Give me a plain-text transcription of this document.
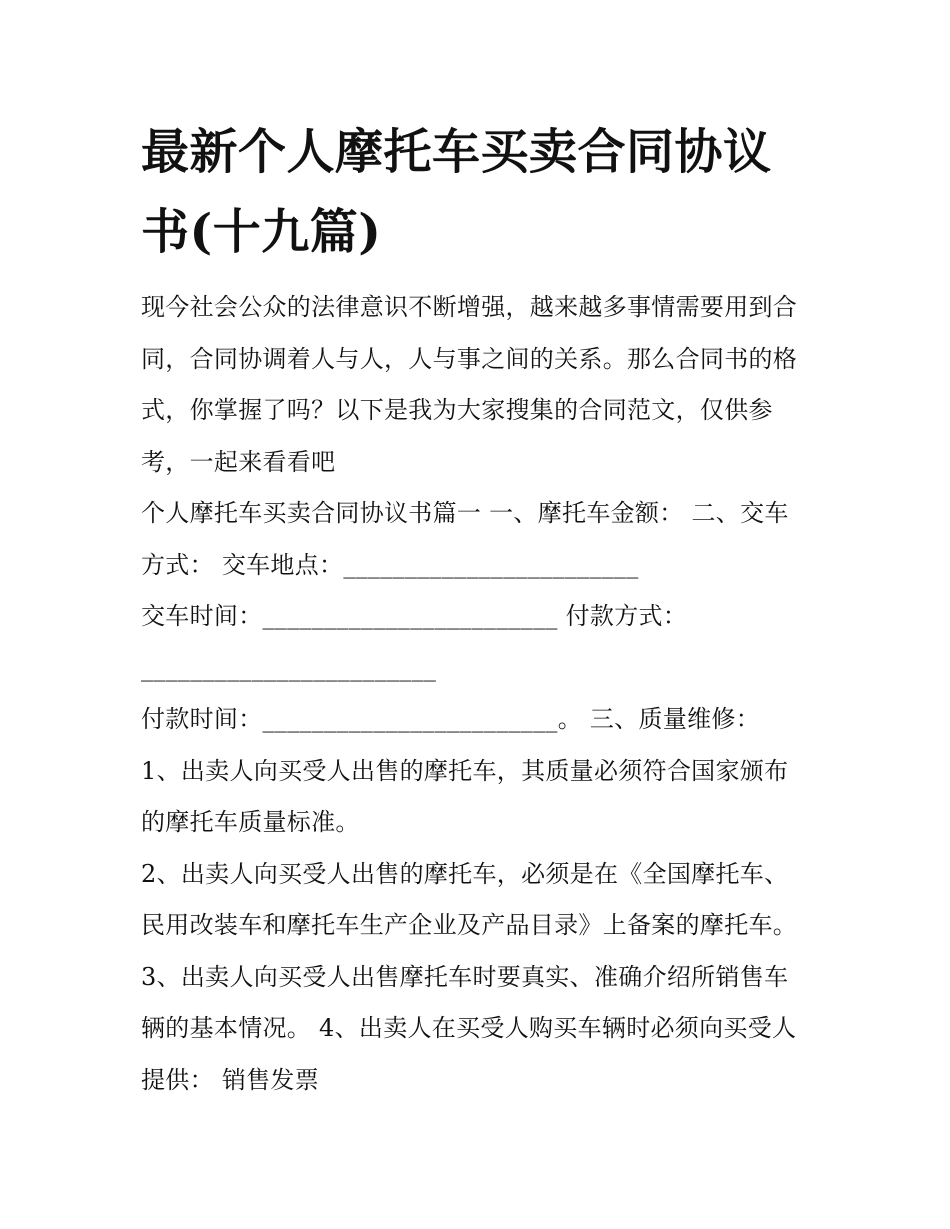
最新个人摩托车买卖合同协议
书(十九篇)
现今社会公众的法律意识不断增强，越来越多事情需要用到合
同，合同协调着人与人，人与事之间的关系。那么合同书的格
式，你掌握了吗？以下是我为大家搜集的合同范文，仅供参
考，一起来看看吧
个人摩托车买卖合同协议书篇一 一、摩托车金额： 二、交车
方式： 交车地点：________________________
交车时间：________________________ 付款方式：
________________________
付款时间：________________________。 三、质量维修：
1、出卖人向买受人出售的摩托车，其质量必须符合国家颁布
的摩托车质量标准。
2、出卖人向买受人出售的摩托车，必须是在《全国摩托车、
民用改装车和摩托车生产企业及产品目录》上备案的摩托车。
3、出卖人向买受人出售摩托车时要真实、准确介绍所销售车
辆的基本情况。 4、出卖人在买受人购买车辆时必须向买受人
提供： 销售发票
